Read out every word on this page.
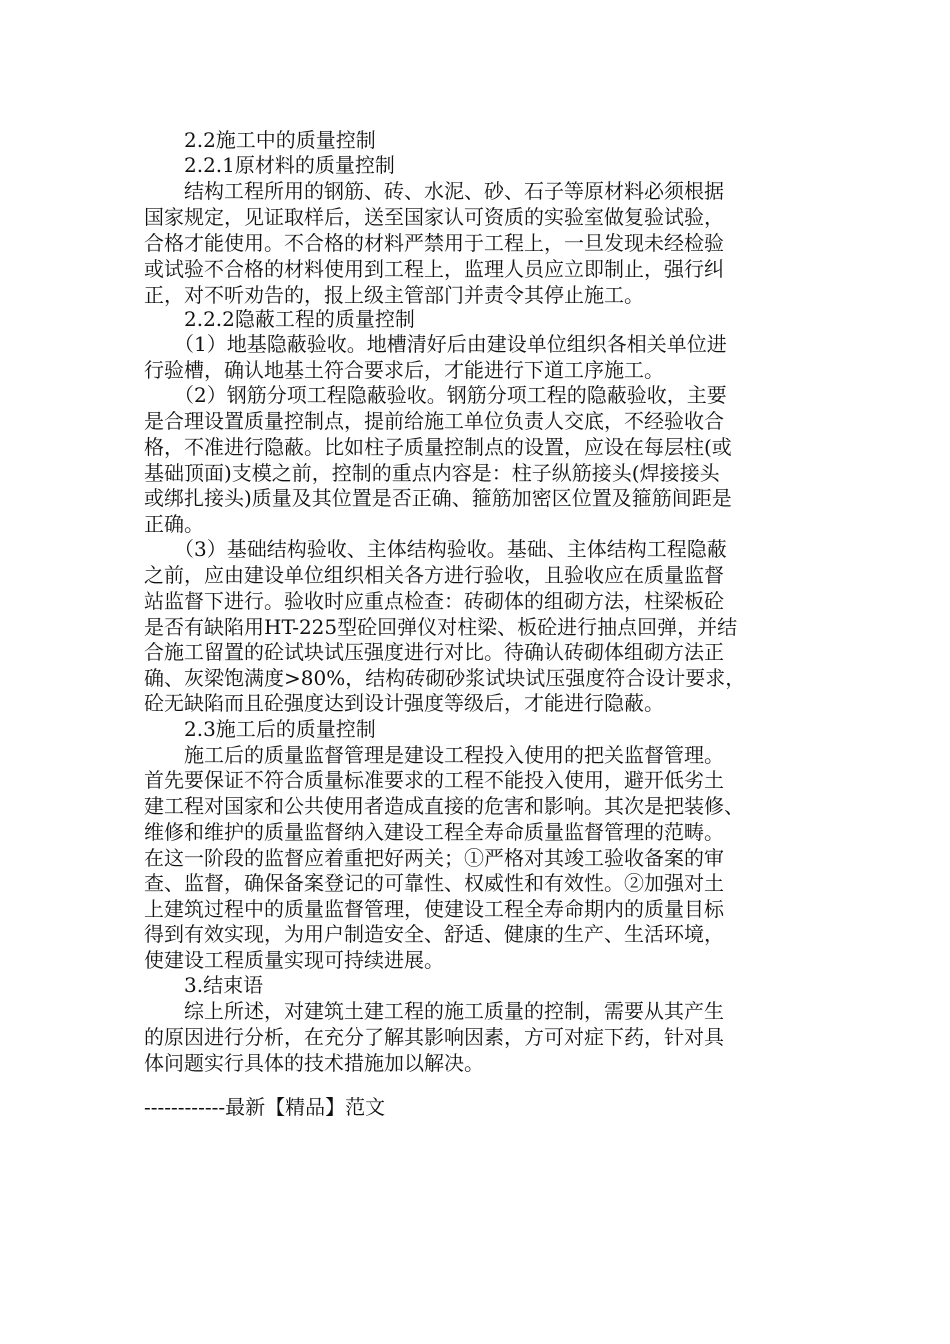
　　2.2施工中的质量控制
　　2.2.1原材料的质量控制
　　结构工程所用的钢筋、砖、水泥、砂、石子等原材料必须根据
国家规定，见证取样后，送至国家认可资质的实验室做复验试验，
合格才能使用。不合格的材料严禁用于工程上，一旦发现未经检验
或试验不合格的材料使用到工程上，监理人员应立即制止，强行纠
正，对不听劝告的，报上级主管部门并责令其停止施工。
　　2.2.2隐蔽工程的质量控制
　　（1）地基隐蔽验收。地槽清好后由建设单位组织各相关单位进
行验槽，确认地基土符合要求后，才能进行下道工序施工。
　　（2）钢筋分项工程隐蔽验收。钢筋分项工程的隐蔽验收，主要
是合理设置质量控制点，提前给施工单位负责人交底，不经验收合
格，不准进行隐蔽。比如柱子质量控制点的设置，应设在每层柱(或
基础顶面)支模之前，控制的重点内容是：柱子纵筋接头(焊接接头
或绑扎接头)质量及其位置是否正确、箍筋加密区位置及箍筋间距是
正确。
　　（3）基础结构验收、主体结构验收。基础、主体结构工程隐蔽
之前，应由建设单位组织相关各方进行验收，且验收应在质量监督
站监督下进行。验收时应重点检查：砖砌体的组砌方法，柱梁板砼
是否有缺陷用HT-225型砼回弹仪对柱梁、板砼进行抽点回弹，并结
合施工留置的砼试块试压强度进行对比。待确认砖砌体组砌方法正
确、灰梁饱满度>80%，结构砖砌砂浆试块试压强度符合设计要求，
砼无缺陷而且砼强度达到设计强度等级后，才能进行隐蔽。
　　2.3施工后的质量控制
　　施工后的质量监督管理是建设工程投入使用的把关监督管理。
首先要保证不符合质量标准要求的工程不能投入使用，避开低劣土
建工程对国家和公共使用者造成直接的危害和影响。其次是把装修、
维修和维护的质量监督纳入建设工程全寿命质量监督管理的范畴。
在这一阶段的监督应着重把好两关；①严格对其竣工验收备案的审
查、监督，确保备案登记的可靠性、权威性和有效性。②加强对土
上建筑过程中的质量监督管理，使建设工程全寿命期内的质量目标
得到有效实现，为用户制造安全、舒适、健康的生产、生活环境，
使建设工程质量实现可持续进展。
　　3.结束语
　　综上所述，对建筑土建工程的施工质量的控制，需要从其产生
的原因进行分析，在充分了解其影响因素，方可对症下药，针对具
体问题实行具体的技术措施加以解决。
------------最新【精品】范文
